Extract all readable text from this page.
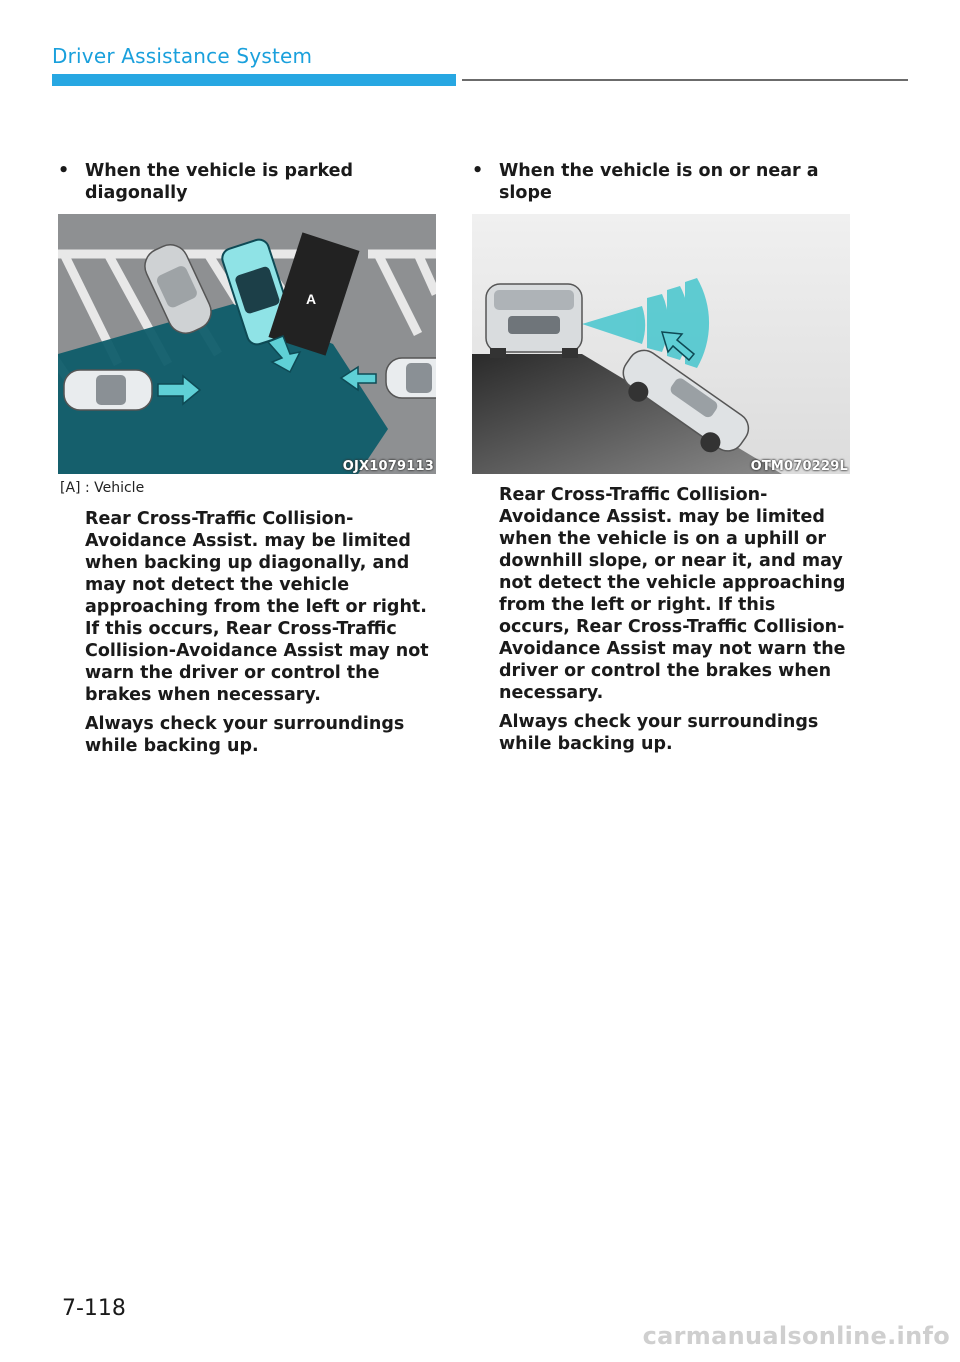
Driver Assistance System
• When the vehicle is parked diagonally
A
OJX1079113
[A] : Vehicle

Rear Cross-Traffic Collision-Avoidance Assist. may be limited when backing up diagonally, and may not detect the vehicle approaching from the left or right. If this occurs, Rear Cross-Traffic Collision-Avoidance Assist may not warn the driver or control the brakes when necessary.

Always check your surroundings while backing up.

• When the vehicle is on or near a slope
OTM070229L

Rear Cross-Traffic Collision-Avoidance Assist. may be limited when the vehicle is on a uphill or downhill slope, or near it, and may not detect the vehicle approaching from the left or right. If this occurs, Rear Cross-Traffic Collision-Avoidance Assist may not warn the driver or control the brakes when necessary.

Always check your surroundings while backing up.

7-118
carmanualsonline.info
